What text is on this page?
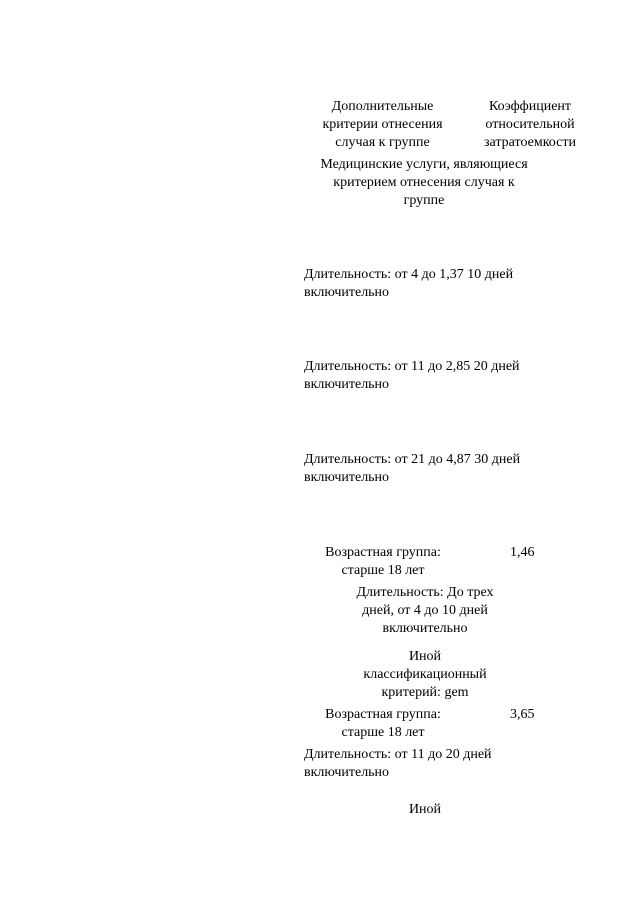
Дополнительные
критерии отнесения
случая к группе

Коэффициент
относительной
затратоемкости

Медицинские услуги, являющиеся
критерием отнесения случая к
группе

Длительность: от 4 до 1,37 10 дней
включительно

Длительность: от 11 до 2,85 20 дней
включительно

Длительность: от 21 до 4,87 30 дней
включительно

Возрастная группа:
старше 18 лет

1,46

Длительность: До трех
дней, от 4 до 10 дней
включительно

Иной
классификационный
критерий: gem

Возрастная группа:
старше 18 лет

3,65

Длительность: от 11 до 20 дней
включительно

Иной
